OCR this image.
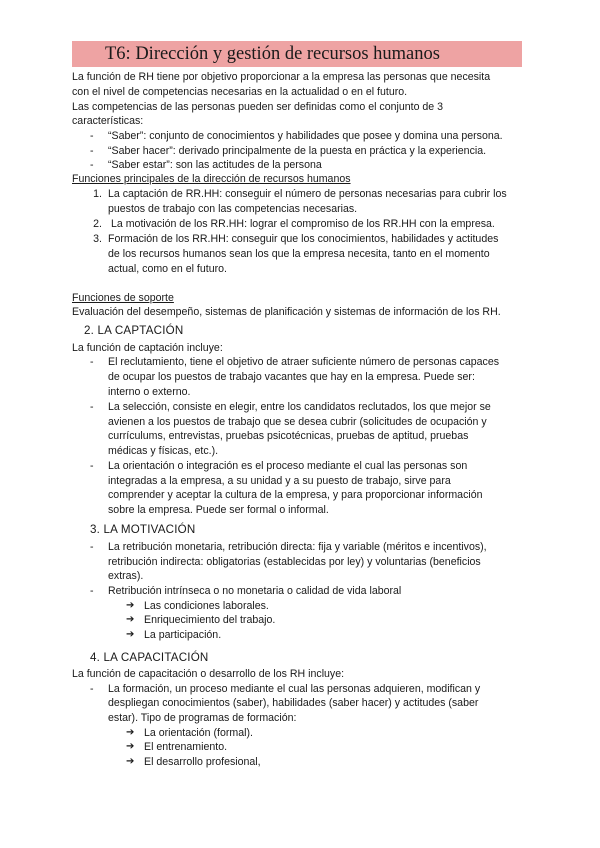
T6: Dirección y gestión de recursos humanos
La función de RH tiene por objetivo proporcionar a la empresa las personas que necesita
con el nivel de competencias necesarias en la actualidad o en el futuro.
Las competencias de las personas pueden ser definidas como el conjunto de 3
características:
- “Saber”: conjunto de conocimientos y habilidades que posee y domina una persona.
- “Saber hacer”: derivado principalmente de la puesta en práctica y la experiencia.
- “Saber estar”: son las actitudes de la persona
Funciones principales de la dirección de recursos humanos
1. La captación de RR.HH: conseguir el número de personas necesarias para cubrir los
puestos de trabajo con las competencias necesarias.
2. La motivación de los RR.HH: lograr el compromiso de los RR.HH con la empresa.
3. Formación de los RR.HH: conseguir que los conocimientos, habilidades y actitudes
de los recursos humanos sean los que la empresa necesita, tanto en el momento
actual, como en el futuro.
Funciones de soporte
Evaluación del desempeño, sistemas de planificación y sistemas de información de los RH.
2. LA CAPTACIÓN
La función de captación incluye:
- El reclutamiento, tiene el objetivo de atraer suficiente número de personas capaces
de ocupar los puestos de trabajo vacantes que hay en la empresa. Puede ser:
interno o externo.
- La selección, consiste en elegir, entre los candidatos reclutados, los que mejor se
avienen a los puestos de trabajo que se desea cubrir (solicitudes de ocupación y
currículums, entrevistas, pruebas psicotécnicas, pruebas de aptitud, pruebas
médicas y físicas, etc.).
- La orientación o integración es el proceso mediante el cual las personas son
integradas a la empresa, a su unidad y a su puesto de trabajo, sirve para
comprender y aceptar la cultura de la empresa, y para proporcionar información
sobre la empresa. Puede ser formal o informal.
3. LA MOTIVACIÓN
- La retribución monetaria, retribución directa: fija y variable (méritos e incentivos),
retribución indirecta: obligatorias (establecidas por ley) y voluntarias (beneficios
extras).
- Retribución intrínseca o no monetaria o calidad de vida laboral
➔ Las condiciones laborales.
➔ Enriquecimiento del trabajo.
➔ La participación.
4. LA CAPACITACIÓN
La función de capacitación o desarrollo de los RH incluye:
- La formación, un proceso mediante el cual las personas adquieren, modifican y
despliegan conocimientos (saber), habilidades (saber hacer) y actitudes (saber
estar). Tipo de programas de formación:
➔ La orientación (formal).
➔ El entrenamiento.
➔ El desarrollo profesional,
